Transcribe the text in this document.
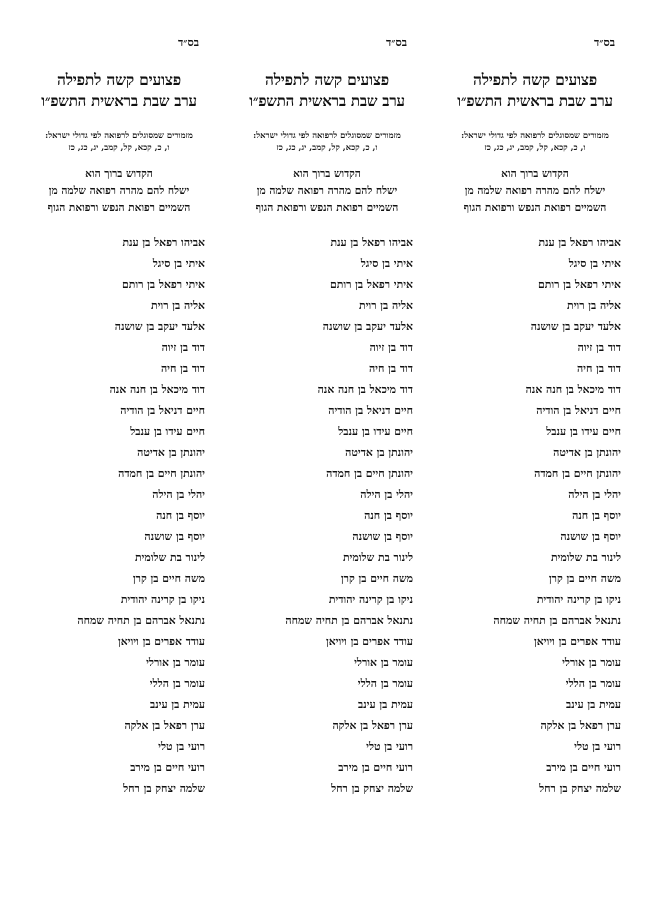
בס״ד
פצועים קשה לתפילה
ערב שבת בראשית התשפ״ו
מזמורים שמסוגלים לרפואה לפי גדולי ישראל:
ו, כ, קכא, קל, קמב, יג, כג, כז
הקדוש ברוך הוא
ישלח להם מהרה רפואה שלמה מן
השמיים רפואת הנפש ורפואת הגוף
אביהו רפאל בן ענת
איתי בן סיגל
איתי רפאל בן רותם
אליה בן רוית
אלעד יעקב בן שושנה
דוד בן זיוה
דוד בן חיה
דוד מיכאל בן חנה אנה
חיים דניאל בן הודיה
חיים עידו בן ענבל
יהונתן בן אדיטה
יהונתן חיים בן חמדה
יהלי בן הילה
יוסף בן חנה
יוסף בן שושנה
לינור בת שלומית
משה חיים בן קרן
ניקו בן קרינה יהודית
נתנאל אברהם בן תחיה שמחה
עודד אפרים בן ויויאן
עומר בן אורלי
עומר בן הללי
עמית בן עינב
ערן רפאל בן אלקה
רועי בן טלי
רועי חיים בן מירב
שלמה יצחק בן רחל
בס״ד
פצועים קשה לתפילה
ערב שבת בראשית התשפ״ו
מזמורים שמסוגלים לרפואה לפי גדולי ישראל:
ו, כ, קכא, קל, קמב, יג, כג, כז
הקדוש ברוך הוא
ישלח להם מהרה רפואה שלמה מן
השמיים רפואת הנפש ורפואת הגוף
אביהו רפאל בן ענת
איתי בן סיגל
איתי רפאל בן רותם
אליה בן רוית
אלעד יעקב בן שושנה
דוד בן זיוה
דוד בן חיה
דוד מיכאל בן חנה אנה
חיים דניאל בן הודיה
חיים עידו בן ענבל
יהונתן בן אדיטה
יהונתן חיים בן חמדה
יהלי בן הילה
יוסף בן חנה
יוסף בן שושנה
לינור בת שלומית
משה חיים בן קרן
ניקו בן קרינה יהודית
נתנאל אברהם בן תחיה שמחה
עודד אפרים בן ויויאן
עומר בן אורלי
עומר בן הללי
עמית בן עינב
ערן רפאל בן אלקה
רועי בן טלי
רועי חיים בן מירב
שלמה יצחק בן רחל
בס״ד
פצועים קשה לתפילה
ערב שבת בראשית התשפ״ו
מזמורים שמסוגלים לרפואה לפי גדולי ישראל:
ו, כ, קכא, קל, קמב, יג, כג, כז
הקדוש ברוך הוא
ישלח להם מהרה רפואה שלמה מן
השמיים רפואת הנפש ורפואת הגוף
אביהו רפאל בן ענת
איתי בן סיגל
איתי רפאל בן רותם
אליה בן רוית
אלעד יעקב בן שושנה
דוד בן זיוה
דוד בן חיה
דוד מיכאל בן חנה אנה
חיים דניאל בן הודיה
חיים עידו בן ענבל
יהונתן בן אדיטה
יהונתן חיים בן חמדה
יהלי בן הילה
יוסף בן חנה
יוסף בן שושנה
לינור בת שלומית
משה חיים בן קרן
ניקו בן קרינה יהודית
נתנאל אברהם בן תחיה שמחה
עודד אפרים בן ויויאן
עומר בן אורלי
עומר בן הללי
עמית בן עינב
ערן רפאל בן אלקה
רועי בן טלי
רועי חיים בן מירב
שלמה יצחק בן רחל
